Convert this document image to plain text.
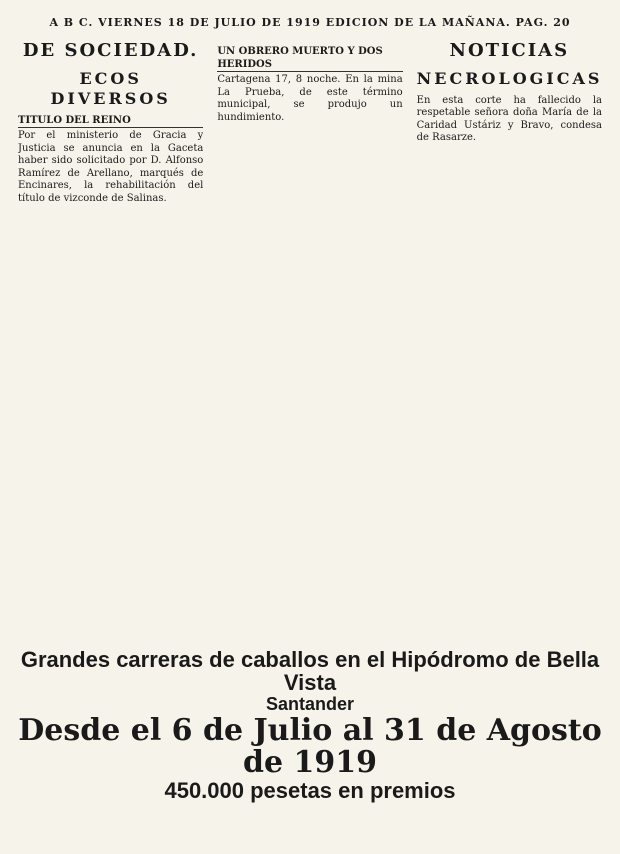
A B C. VIERNES 18 DE JULIO DE 1919 EDICION DE LA MAÑANA. PAG. 20
DE SOCIEDAD.
ECOS DIVERSOS
TITULO DEL REINO
Por el ministerio de Gracia y Justicia se anuncia en la Gaceta haber sido solicitado por D. Alfonso Ramírez de Arellano, marqués de Encinares, la rehabilitación del título de vizconde de Salinas.
UN OBRERO MUERTO Y DOS HERIDOS
Cartagena 17, 8 noche. En la mina La Prueba, de este término municipal, se produjo un hundimiento.
NOTICIAS
NECROLOGICAS
En esta corte ha fallecido la respetable señora doña María de la Caridad Ustáriz y Bravo, condesa de Rasarze.
Grandes carreras de caballos en el Hipódromo de Bella Vista
Santander
Desde el 6 de Julio al 31 de Agosto de 1919
450.000 pesetas en premios
